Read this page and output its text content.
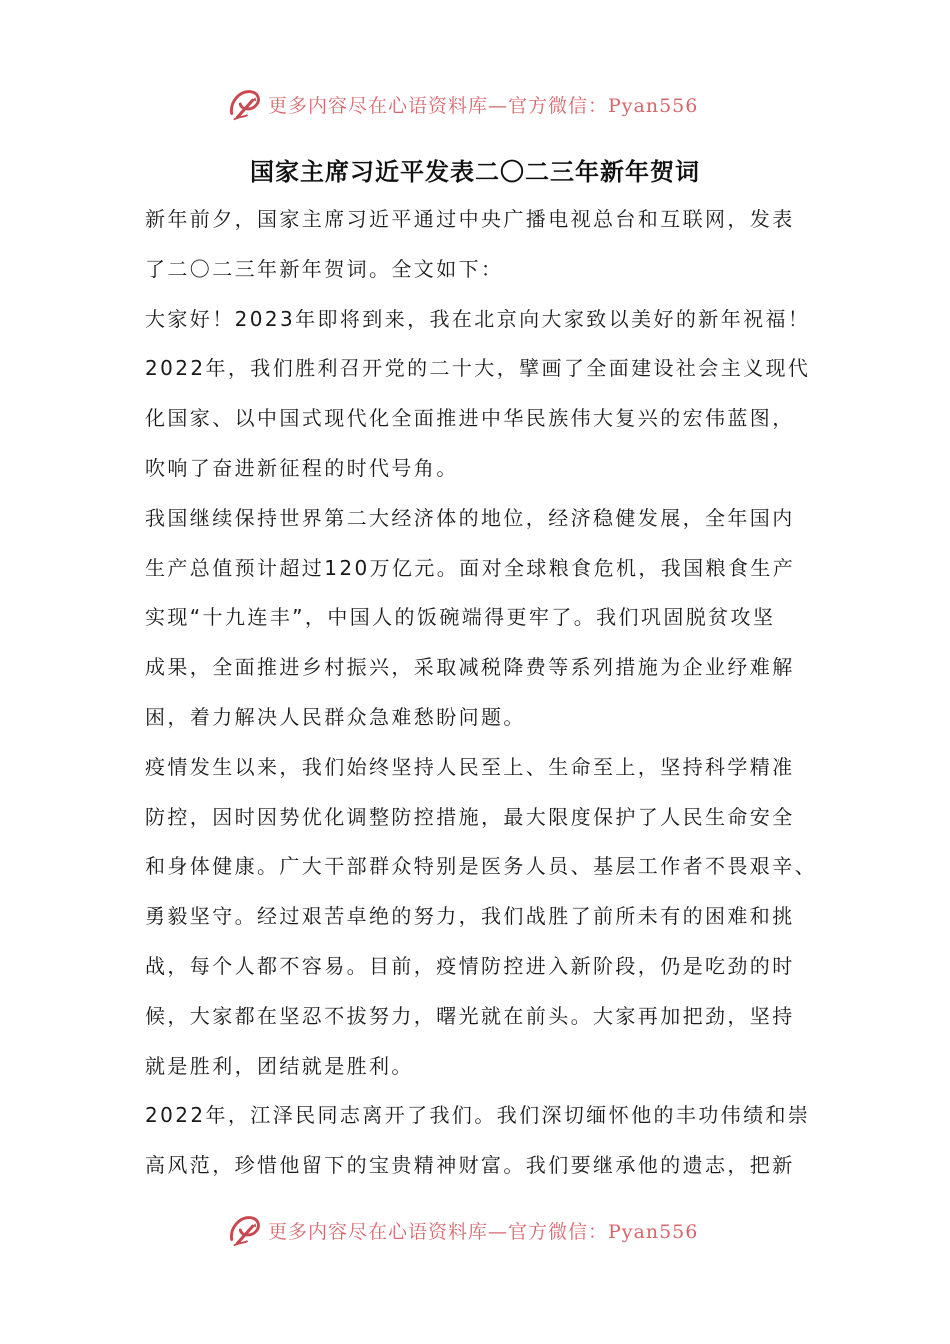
更多内容尽在心语资料库—官方微信：Pyan556
国家主席习近平发表二〇二三年新年贺词
新年前夕，国家主席习近平通过中央广播电视总台和互联网，发表
了二〇二三年新年贺词。全文如下：
大家好！2023年即将到来，我在北京向大家致以美好的新年祝福！
2022年，我们胜利召开党的二十大，擘画了全面建设社会主义现代
化国家、以中国式现代化全面推进中华民族伟大复兴的宏伟蓝图，
吹响了奋进新征程的时代号角。
我国继续保持世界第二大经济体的地位，经济稳健发展，全年国内
生产总值预计超过120万亿元。面对全球粮食危机，我国粮食生产
实现“十九连丰”，中国人的饭碗端得更牢了。我们巩固脱贫攻坚
成果，全面推进乡村振兴，采取减税降费等系列措施为企业纾难解
困，着力解决人民群众急难愁盼问题。
疫情发生以来，我们始终坚持人民至上、生命至上，坚持科学精准
防控，因时因势优化调整防控措施，最大限度保护了人民生命安全
和身体健康。广大干部群众特别是医务人员、基层工作者不畏艰辛、
勇毅坚守。经过艰苦卓绝的努力，我们战胜了前所未有的困难和挑
战，每个人都不容易。目前，疫情防控进入新阶段，仍是吃劲的时
候，大家都在坚忍不拔努力，曙光就在前头。大家再加把劲，坚持
就是胜利，团结就是胜利。
2022年，江泽民同志离开了我们。我们深切缅怀他的丰功伟绩和崇
高风范，珍惜他留下的宝贵精神财富。我们要继承他的遗志，把新
更多内容尽在心语资料库—官方微信：Pyan556
